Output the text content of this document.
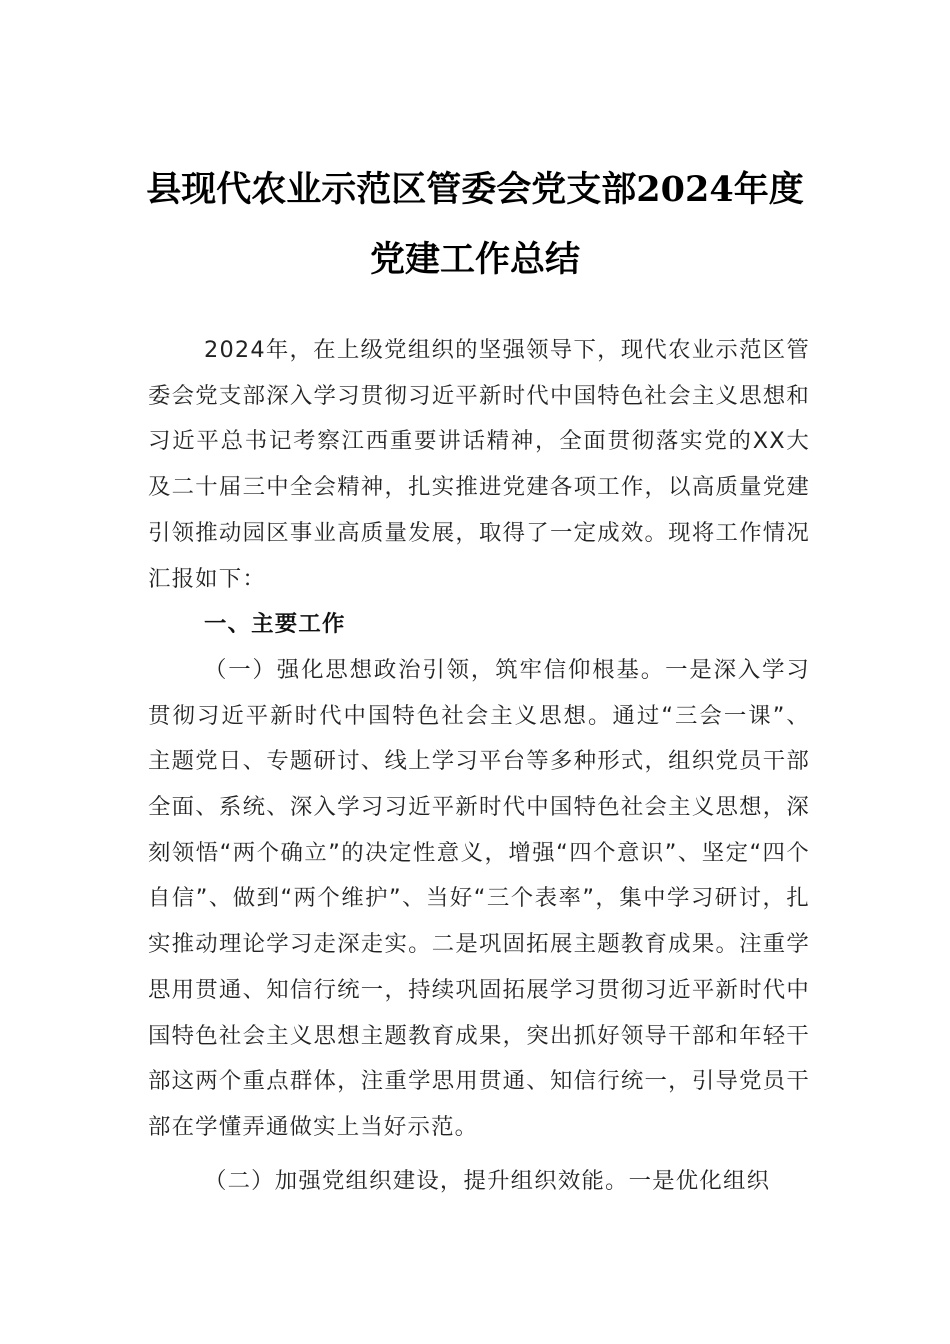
县现代农业示范区管委会党支部2024年度
党建工作总结

2024年，在上级党组织的坚强领导下，现代农业示范区管委会党支部深入学习贯彻习近平新时代中国特色社会主义思想和习近平总书记考察江西重要讲话精神，全面贯彻落实党的XX大及二十届三中全会精神，扎实推进党建各项工作，以高质量党建引领推动园区事业高质量发展，取得了一定成效。现将工作情况汇报如下：

一、主要工作

（一）强化思想政治引领，筑牢信仰根基。一是深入学习贯彻习近平新时代中国特色社会主义思想。通过“三会一课”、主题党日、专题研讨、线上学习平台等多种形式，组织党员干部全面、系统、深入学习习近平新时代中国特色社会主义思想，深刻领悟“两个确立”的决定性意义，增强“四个意识”、坚定“四个自信”、做到“两个维护”、当好“三个表率”，集中学习研讨，扎实推动理论学习走深走实。二是巩固拓展主题教育成果。注重学思用贯通、知信行统一，持续巩固拓展学习贯彻习近平新时代中国特色社会主义思想主题教育成果，突出抓好领导干部和年轻干部这两个重点群体，注重学思用贯通、知信行统一，引导党员干部在学懂弄通做实上当好示范。

（二）加强党组织建设，提升组织效能。一是优化组织
